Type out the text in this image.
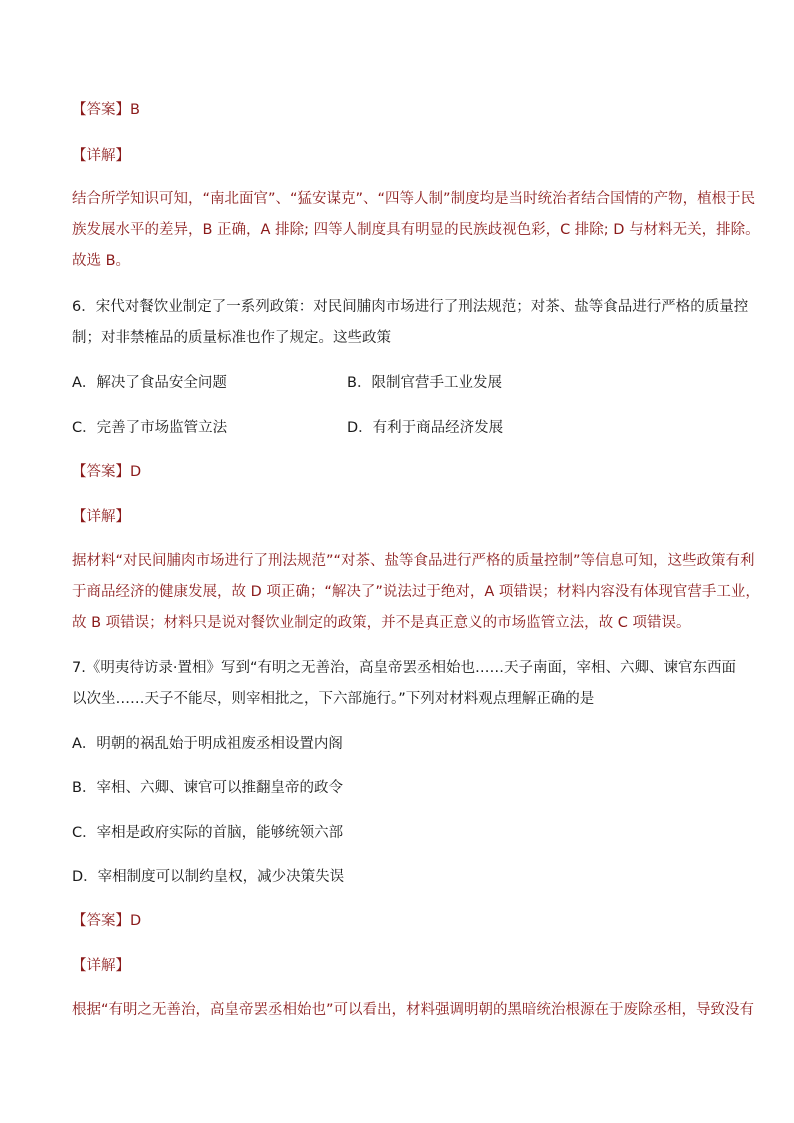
【答案】B
【详解】
结合所学知识可知，“南北面官”、“猛安谋克”、“四等人制”制度均是当时统治者结合国情的产物，植根于民
族发展水平的差异，B 正确，A 排除; 四等人制度具有明显的民族歧视色彩，C 排除; D 与材料无关，排除。
故选 B。
6．宋代对餐饮业制定了一系列政策：对民间脯肉市场进行了刑法规范；对茶、盐等食品进行严格的质量控
制；对非禁榷品的质量标准也作了规定。这些政策
A．解决了食品安全问题	B．限制官营手工业发展
C．完善了市场监管立法	D．有利于商品经济发展
【答案】D
【详解】
据材料“对民间脯肉市场进行了刑法规范”“对茶、盐等食品进行严格的质量控制”等信息可知，这些政策有利
于商品经济的健康发展，故 D 项正确；“解决了”说法过于绝对，A 项错误；材料内容没有体现官营手工业，
故 B 项错误；材料只是说对餐饮业制定的政策，并不是真正意义的市场监管立法，故 C 项错误。
7.《明夷待访录·置相》写到“有明之无善治，高皇帝罢丞相始也……天子南面，宰相、六卿、谏官东西面
以次坐……天子不能尽，则宰相批之，下六部施行。”下列对材料观点理解正确的是
A．明朝的祸乱始于明成祖废丞相设置内阁
B．宰相、六卿、谏官可以推翻皇帝的政令
C．宰相是政府实际的首脑，能够统领六部
D．宰相制度可以制约皇权，减少决策失误
【答案】D
【详解】
根据“有明之无善治，高皇帝罢丞相始也”可以看出，材料强调明朝的黑暗统治根源在于废除丞相，导致没有
